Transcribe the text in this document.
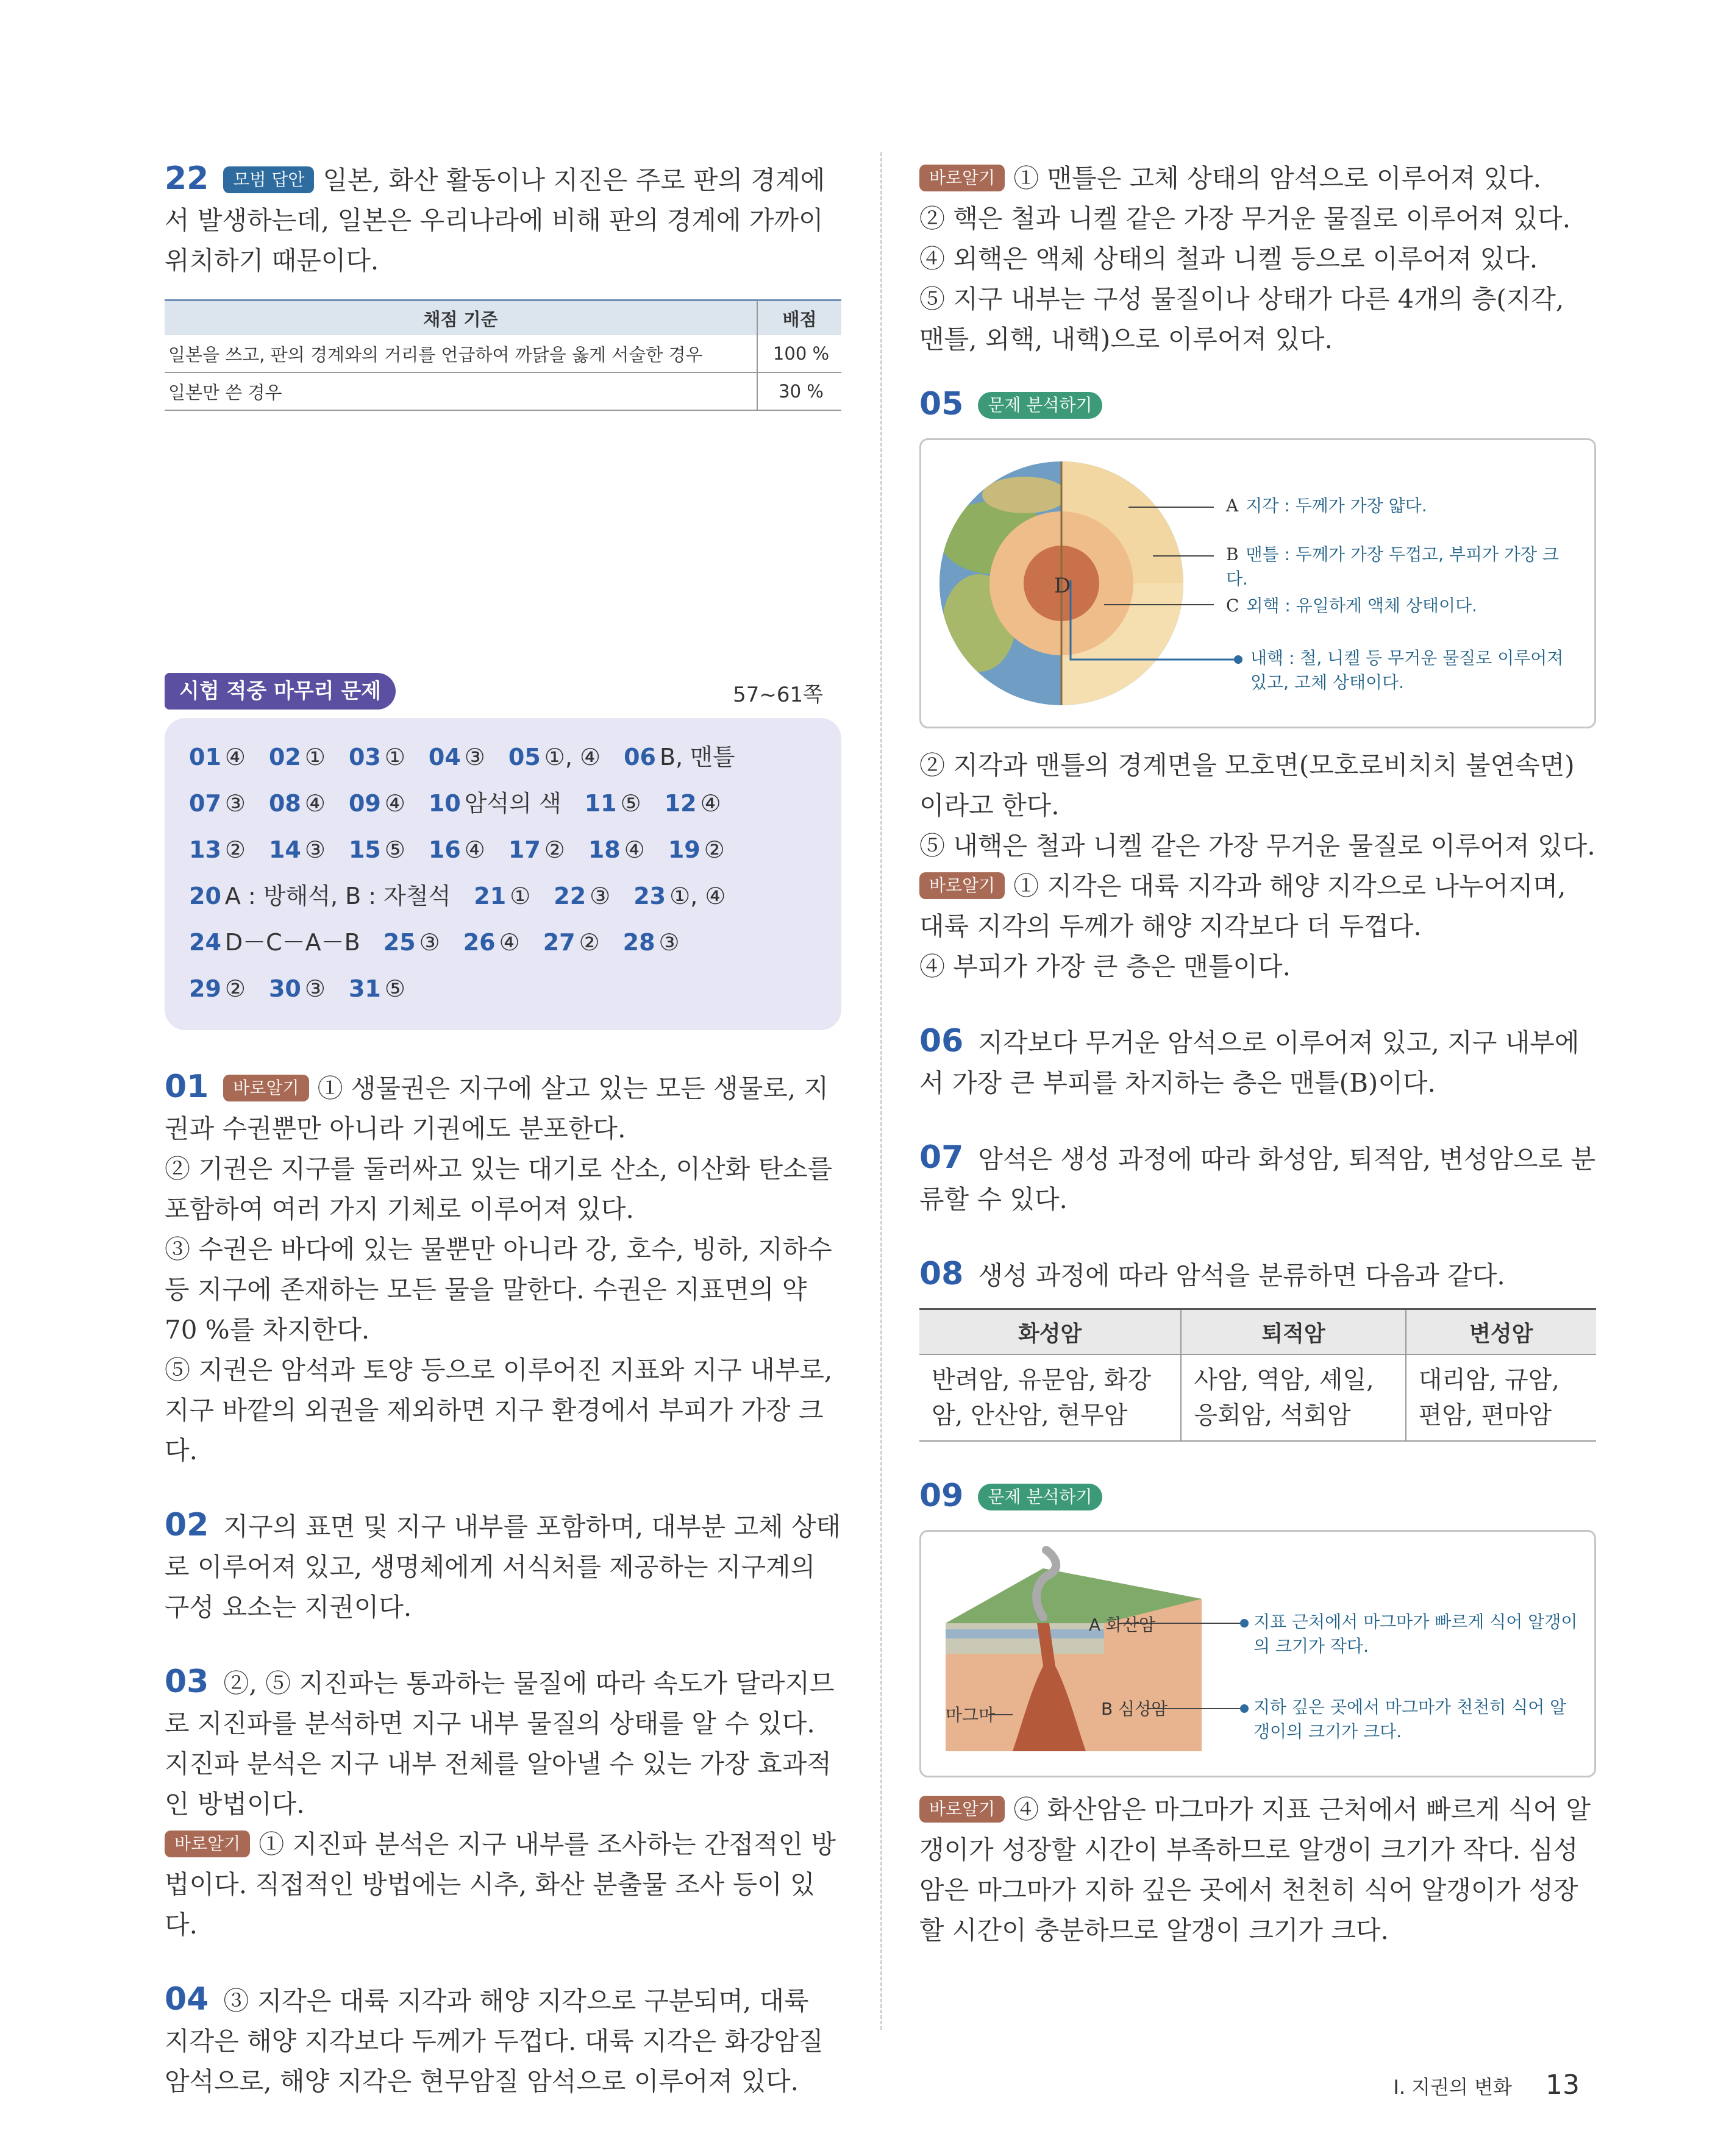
22 모범 답안 일본, 화산 활동이나 지진은 주로 판의 경계에서 발생하는데, 일본은 우리나라에 비해 판의 경계에 가까이 위치하기 때문이다.

채점 기준	배점
일본을 쓰고, 판의 경계와의 거리를 언급하여 까닭을 옳게 서술한 경우	100 %
일본만 쓴 경우	30 %
시험 적중 마무리 문제	57~61쪽
01 ④ 02 ① 03 ① 04 ③ 05 ①, ④ 06 B, 맨틀
07 ③ 08 ④ 09 ④ 10 암석의 색 11 ⑤ 12 ④
13 ② 14 ③ 15 ⑤ 16 ④ 17 ② 18 ④ 19 ②
20 A : 방해석, B : 자철석 21 ① 22 ③ 23 ①, ④
24 D－C－A－B 25 ③ 26 ④ 27 ② 28 ③
29 ② 30 ③ 31 ⑤

01 바로알기 ① 생물권은 지구에 살고 있는 모든 생물로, 지권과 수권뿐만 아니라 기권에도 분포한다.

② 기권은 지구를 둘러싸고 있는 대기로 산소, 이산화 탄소를 포함하여 여러 가지 기체로 이루어져 있다.

③ 수권은 바다에 있는 물뿐만 아니라 강, 호수, 빙하, 지하수 등 지구에 존재하는 모든 물을 말한다. 수권은 지표면의 약 70 %를 차지한다.

⑤ 지권은 암석과 토양 등으로 이루어진 지표와 지구 내부로, 지구 바깥의 외권을 제외하면 지구 환경에서 부피가 가장 크다.

02 지구의 표면 및 지구 내부를 포함하며, 대부분 고체 상태로 이루어져 있고, 생명체에게 서식처를 제공하는 지구계의 구성 요소는 지권이다.

03 ②, ⑤ 지진파는 통과하는 물질에 따라 속도가 달라지므로 지진파를 분석하면 지구 내부 물질의 상태를 알 수 있다. 지진파 분석은 지구 내부 전체를 알아낼 수 있는 가장 효과적인 방법이다.

바로알기 ① 지진파 분석은 지구 내부를 조사하는 간접적인 방법이다. 직접적인 방법에는 시추, 화산 분출물 조사 등이 있다.

04 ③ 지각은 대륙 지각과 해양 지각으로 구분되며, 대륙 지각은 해양 지각보다 두께가 두껍다. 대륙 지각은 화강암질 암석으로, 해양 지각은 현무암질 암석으로 이루어져 있다.

바로알기 ① 맨틀은 고체 상태의 암석으로 이루어져 있다.

② 핵은 철과 니켈 같은 가장 무거운 물질로 이루어져 있다.

④ 외핵은 액체 상태의 철과 니켈 등으로 이루어져 있다.

⑤ 지구 내부는 구성 물질이나 상태가 다른 4개의 층(지각, 맨틀, 외핵, 내핵)으로 이루어져 있다.

05 문제 분석하기

D
A 지각 : 두께가 가장 얇다.
B 맨틀 : 두께가 가장 두껍고, 부피가 가장 크다.
C 외핵 : 유일하게 액체 상태이다.
내핵 : 철, 니켈 등 무거운 물질로 이루어져 있고, 고체 상태이다.

② 지각과 맨틀의 경계면을 모호면(모호로비치치 불연속면)이라고 한다.

⑤ 내핵은 철과 니켈 같은 가장 무거운 물질로 이루어져 있다.

바로알기 ① 지각은 대륙 지각과 해양 지각으로 나누어지며, 대륙 지각의 두께가 해양 지각보다 더 두껍다.

④ 부피가 가장 큰 층은 맨틀이다.

06 지각보다 무거운 암석으로 이루어져 있고, 지구 내부에서 가장 큰 부피를 차지하는 층은 맨틀(B)이다.

07 암석은 생성 과정에 따라 화성암, 퇴적암, 변성암으로 분류할 수 있다.

08 생성 과정에 따라 암석을 분류하면 다음과 같다.

화성암	퇴적암	변성암
반려암, 유문암, 화강암, 안산암, 현무암	사암, 역암, 셰일, 응회암, 석회암	대리암, 규암, 편암, 편마암

09 문제 분석하기

A 화산암
B 심성암
마그마
지표 근처에서 마그마가 빠르게 식어 알갱이의 크기가 작다.
지하 깊은 곳에서 마그마가 천천히 식어 알갱이의 크기가 크다.

바로알기 ④ 화산암은 마그마가 지표 근처에서 빠르게 식어 알갱이가 성장할 시간이 부족하므로 알갱이 크기가 작다. 심성암은 마그마가 지하 깊은 곳에서 천천히 식어 알갱이가 성장할 시간이 충분하므로 알갱이 크기가 크다.

Ⅰ. 지권의 변화 13
